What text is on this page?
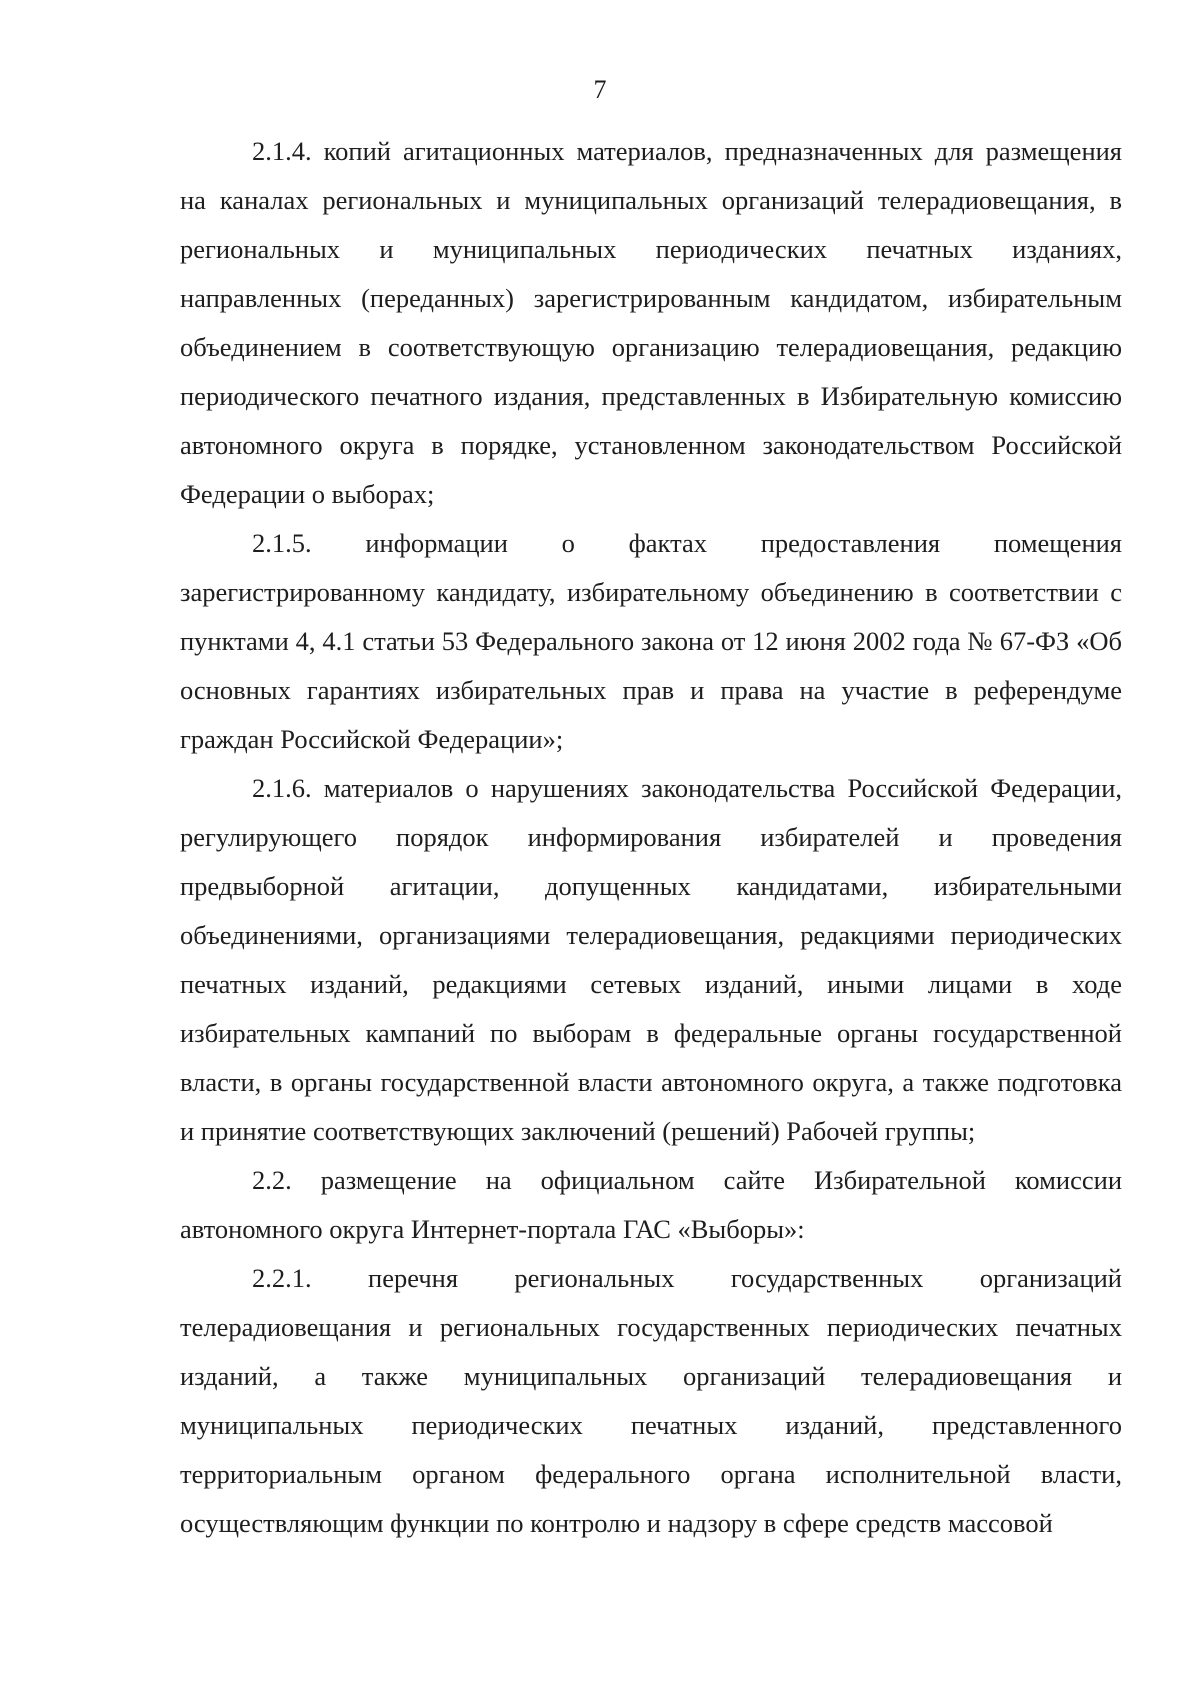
7

2.1.4. копий агитационных материалов, предназначенных для размещения на каналах региональных и муниципальных организаций телерадиовещания, в региональных и муниципальных периодических печатных изданиях, направленных (переданных) зарегистрированным кандидатом, избирательным объединением в соответствующую организацию телерадиовещания, редакцию периодического печатного издания, представленных в Избирательную комиссию автономного округа в порядке, установленном законодательством Российской Федерации о выборах;

2.1.5. информации о фактах предоставления помещения зарегистрированному кандидату, избирательному объединению в соответствии с пунктами 4, 4.1 статьи 53 Федерального закона от 12 июня 2002 года № 67-ФЗ «Об основных гарантиях избирательных прав и права на участие в референдуме граждан Российской Федерации»;

2.1.6. материалов о нарушениях законодательства Российской Федерации, регулирующего порядок информирования избирателей и проведения предвыборной агитации, допущенных кандидатами, избирательными объединениями, организациями телерадиовещания, редакциями периодических печатных изданий, редакциями сетевых изданий, иными лицами в ходе избирательных кампаний по выборам в федеральные органы государственной власти, в органы государственной власти автономного округа, а также подготовка и принятие соответствующих заключений (решений) Рабочей группы;

2.2. размещение на официальном сайте Избирательной комиссии автономного округа Интернет-портала ГАС «Выборы»:

2.2.1. перечня региональных государственных организаций телерадиовещания и региональных государственных периодических печатных изданий, а также муниципальных организаций телерадиовещания и муниципальных периодических печатных изданий, представленного территориальным органом федерального органа исполнительной власти, осуществляющим функции по контролю и надзору в сфере средств массовой
